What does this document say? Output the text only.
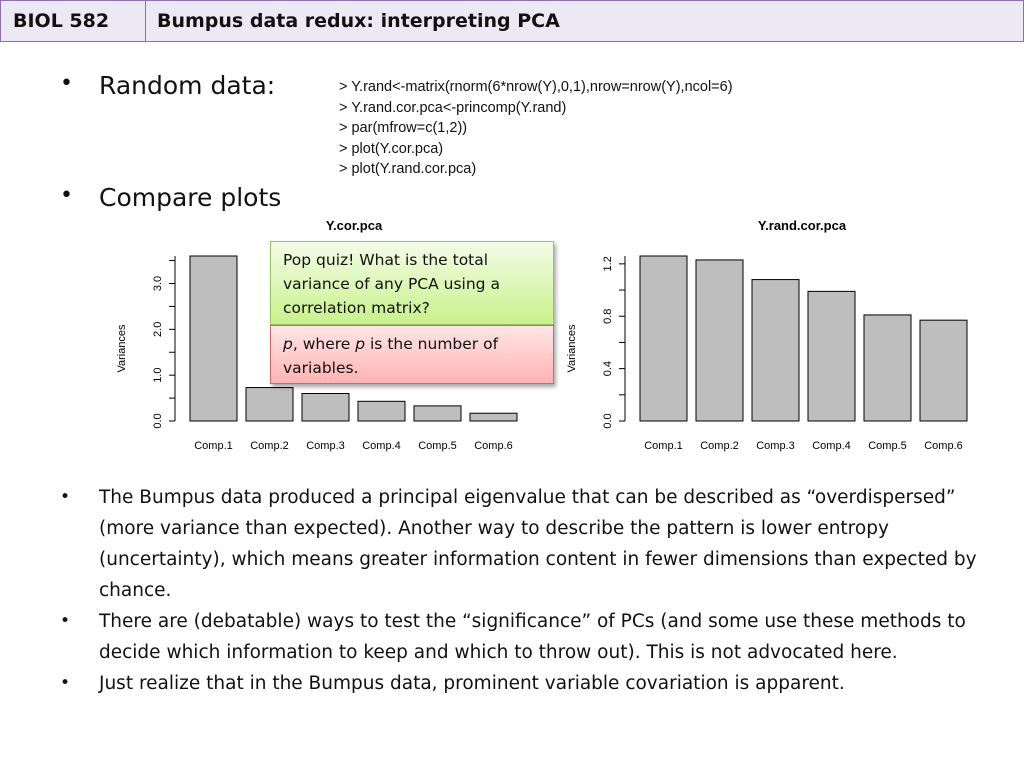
BIOL 582	Bumpus data redux: interpreting PCA
• Random data:	> Y.rand<-matrix(rnorm(6*nrow(Y),0,1),nrow=nrow(Y),ncol=6)
> Y.rand.cor.pca<-princomp(Y.rand)
> par(mfrow=c(1,2))
> plot(Y.cor.pca)
> plot(Y.rand.cor.pca)
• Compare plots
Y.cor.pca	Y.rand.cor.pca
0.0
1.0
2.0
3.0
Variances
Comp.1 Comp.2 Comp.3 Comp.4 Comp.5 Comp.6
0.0
0.4
0.8
1.2
Variances
Comp.1 Comp.2 Comp.3 Comp.4 Comp.5 Comp.6
Pop quiz! What is the total variance of any PCA using a correlation matrix?
p, where p is the number of variables.
• The Bumpus data produced a principal eigenvalue that can be described as “overdispersed” (more variance than expected). Another way to describe the pattern is lower entropy (uncertainty), which means greater information content in fewer dimensions than expected by chance.
• There are (debatable) ways to test the “significance” of PCs (and some use these methods to decide which information to keep and which to throw out). This is not advocated here.
• Just realize that in the Bumpus data, prominent variable covariation is apparent.
